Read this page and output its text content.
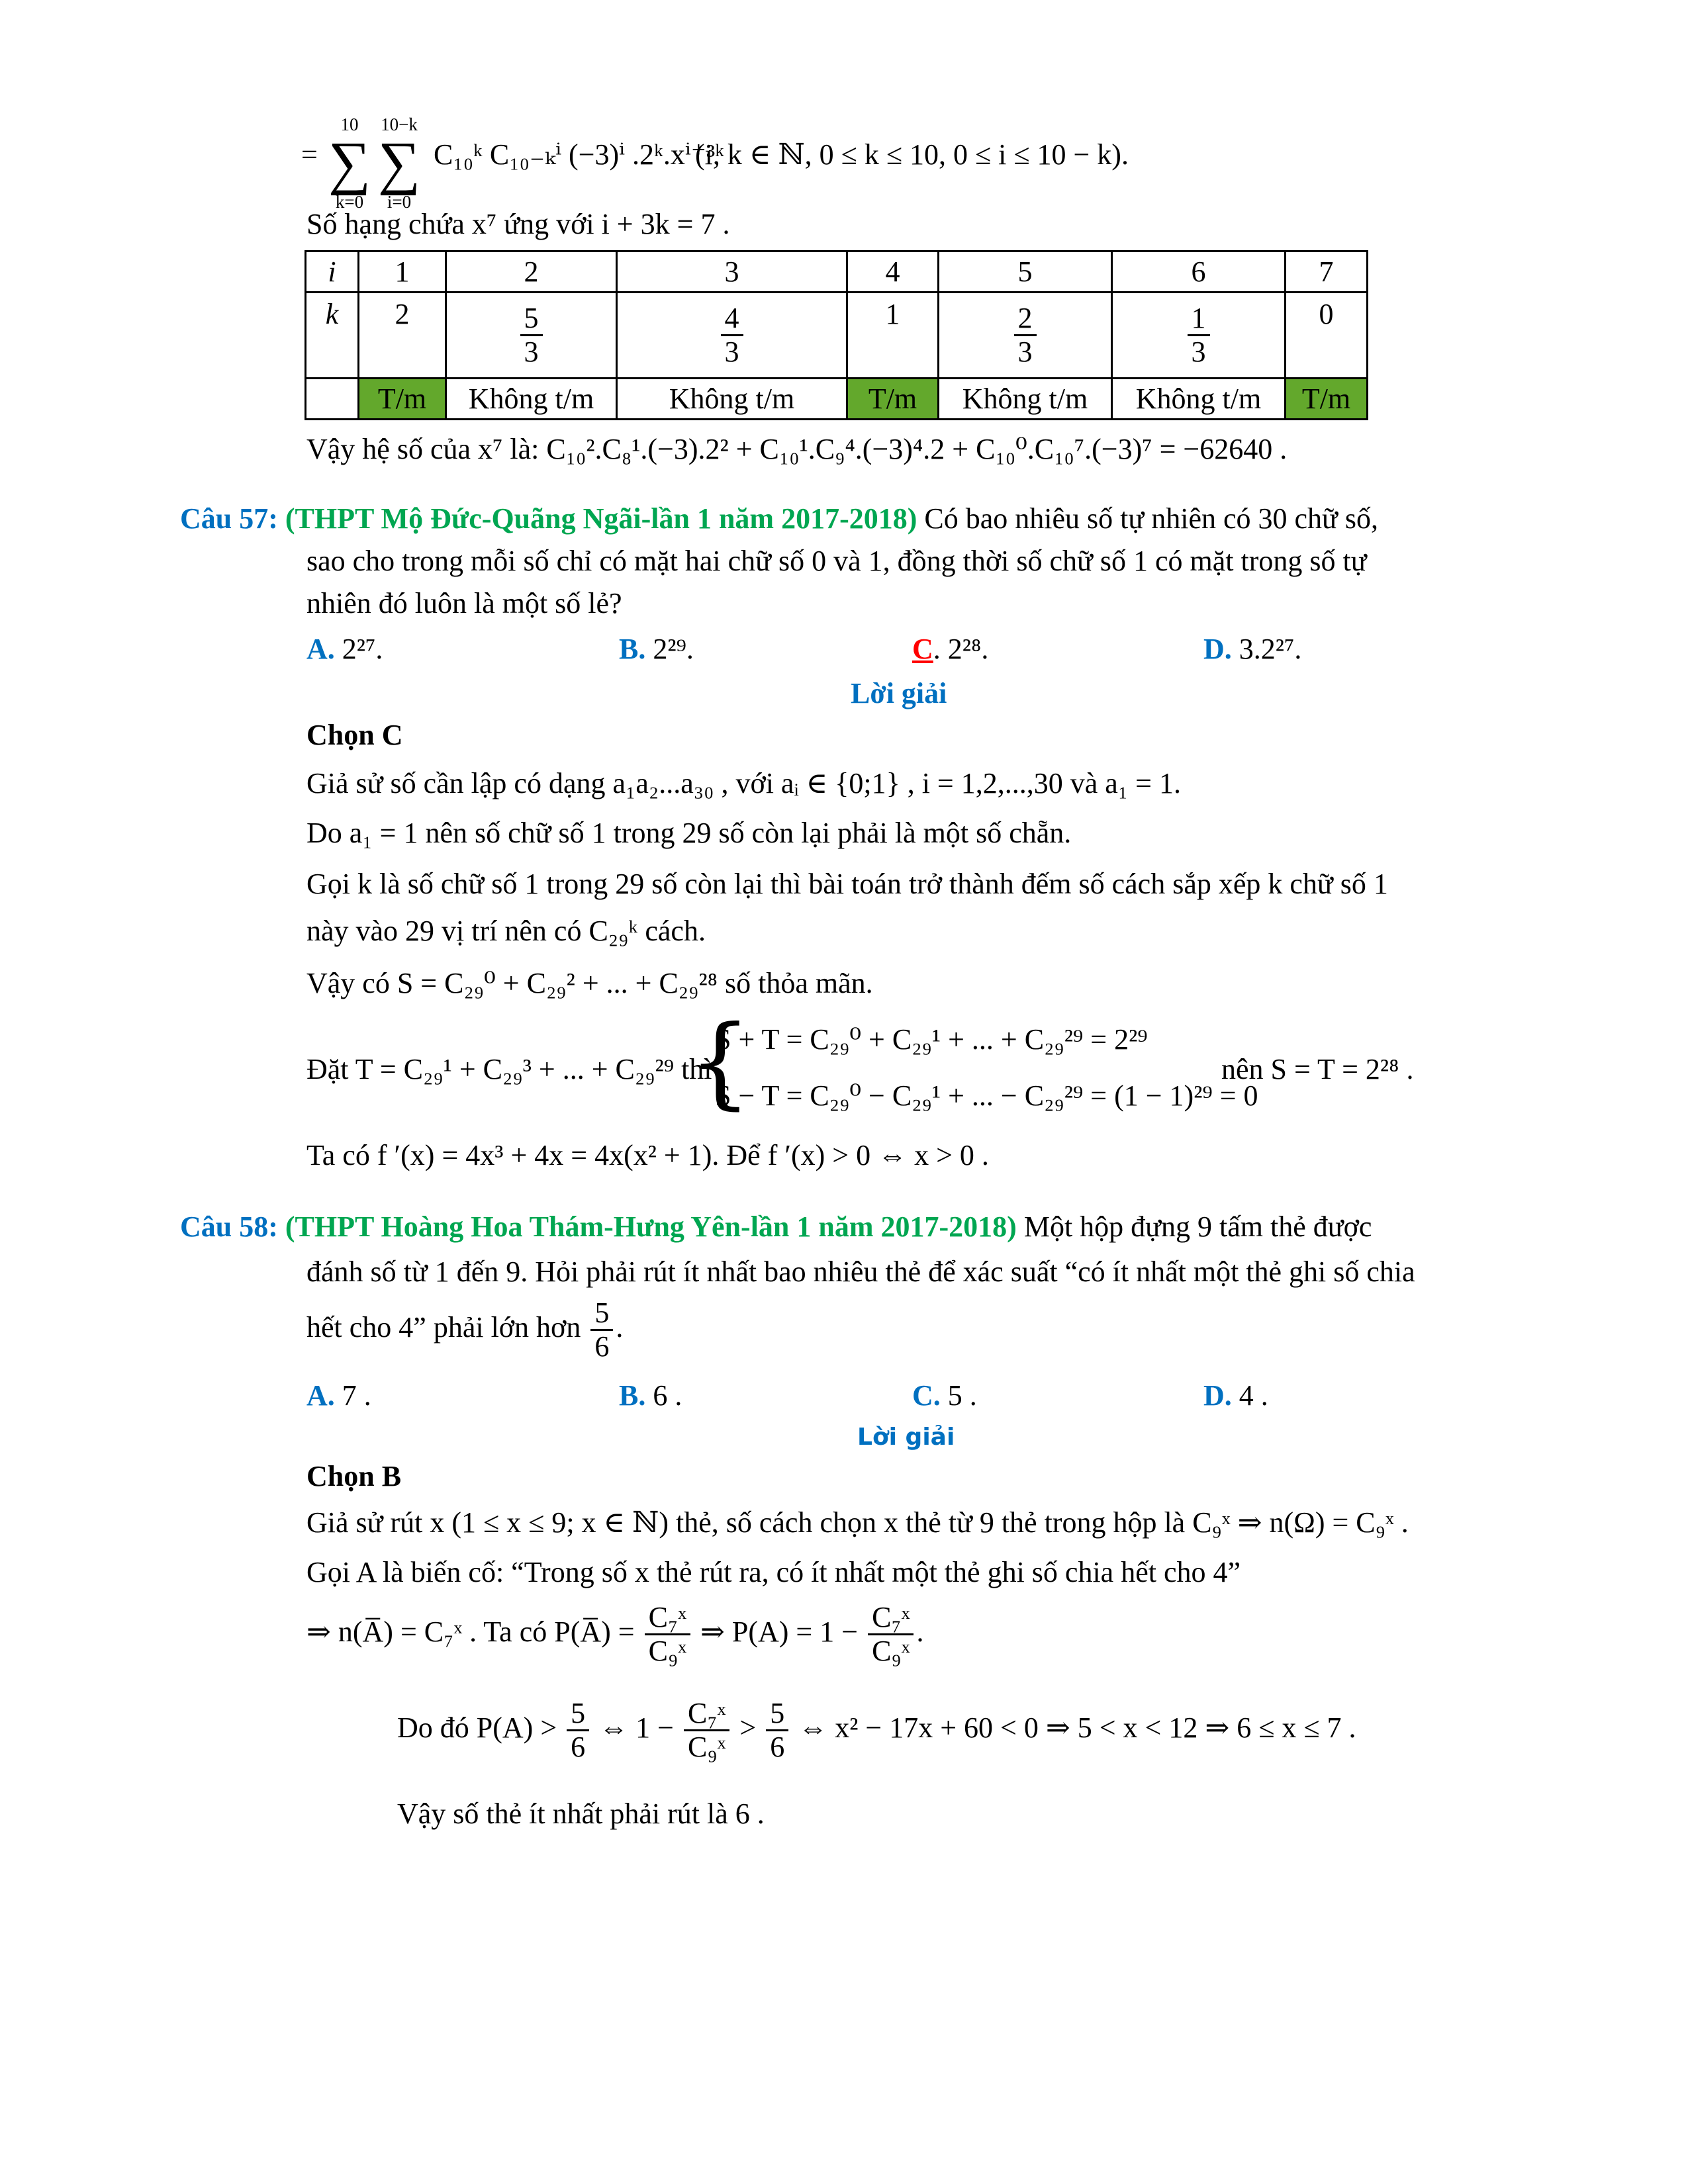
=
10
∑
k=0
10−k
∑
i=0
C₁₀ᵏ C₁₀₋ₖⁱ (−3)ⁱ .2ᵏ.xⁱ⁺³ᵏ
(i, k ∈ ℕ, 0 ≤ k ≤ 10, 0 ≤ i ≤ 10 − k).
Số hạng chứa x⁷ ứng với i + 3k = 7 .
i	1	2	3	4	5	6	7
k	2	$\frac{5}{3}$	$\frac{4}{3}$	1	$\frac{2}{3}$	$\frac{1}{3}$	0
	T/m	Không t/m	Không t/m	T/m	Không t/m	Không t/m	T/m
Vậy hệ số của x⁷ là: C₁₀².C₈¹.(−3).2² + C₁₀¹.C₉⁴.(−3)⁴.2 + C₁₀⁰.C₁₀⁷.(−3)⁷ = −62640 .
Câu 57: (THPT Mộ Đức-Quãng Ngãi-lần 1 năm 2017-2018) Có bao nhiêu số tự nhiên có 30 chữ số,
sao cho trong mỗi số chỉ có mặt hai chữ số 0 và 1, đồng thời số chữ số 1 có mặt trong số tự
nhiên đó luôn là một số lẻ?
A. 2²⁷.	B. 2²⁹.	C. 2²⁸.	D. 3.2²⁷.
Lời giải
Chọn C
Giả sử số cần lập có dạng a₁a₂...a₃₀ , với aᵢ ∈ {0;1} , i = 1,2,...,30 và a₁ = 1.
Do a₁ = 1 nên số chữ số 1 trong 29 số còn lại phải là một số chẵn.
Gọi k là số chữ số 1 trong 29 số còn lại thì bài toán trở thành đếm số cách sắp xếp k chữ số 1
này vào 29 vị trí nên có C₂₉ᵏ cách.
Vậy có S = C₂₉⁰ + C₂₉² + ... + C₂₉²⁸ số thỏa mãn.
Đặt T = C₂₉¹ + C₂₉³ + ... + C₂₉²⁹ thì
{
S + T = C₂₉⁰ + C₂₉¹ + ... + C₂₉²⁹ = 2²⁹
S − T = C₂₉⁰ − C₂₉¹ + ... − C₂₉²⁹ = (1 − 1)²⁹ = 0
nên S = T = 2²⁸ .
Ta có f ′(x) = 4x³ + 4x = 4x(x² + 1). Để f ′(x) > 0 ⇔ x > 0 .
Câu 58: (THPT Hoàng Hoa Thám-Hưng Yên-lần 1 năm 2017-2018) Một hộp đựng 9 tấm thẻ được
đánh số từ 1 đến 9. Hỏi phải rút ít nhất bao nhiêu thẻ để xác suất “có ít nhất một thẻ ghi số chia
hết cho 4” phải lớn hơn $\frac{5}{6}$ .
A. 7 .	B. 6 .	C. 5 .	D. 4 .
Lời giải
Chọn B
Giả sử rút x (1 ≤ x ≤ 9; x ∈ ℕ) thẻ, số cách chọn x thẻ từ 9 thẻ trong hộp là C₉ˣ ⇒ n(Ω) = C₉ˣ .
Gọi A là biến cố: “Trong số x thẻ rút ra, có ít nhất một thẻ ghi số chia hết cho 4”
⇒ n(A̅) = C₇ˣ . Ta có P(A̅) = $\frac{\text{C₇ˣ}}{\text{C₉ˣ}}$ ⇒ $P(A) = 1 - \frac{\text{C₇ˣ}}{\text{C₉ˣ}}$ .
Do đó $P(A) > \frac{5}{6}$ ⇔ $1 - \frac{\text{C₇ˣ}}{\text{C₉ˣ}} > \frac{5}{6}$ ⇔ x² − 17x + 60 < 0 ⇒ 5 < x < 12 ⇒ 6 ≤ x ≤ 7 .
Vậy số thẻ ít nhất phải rút là 6 .
